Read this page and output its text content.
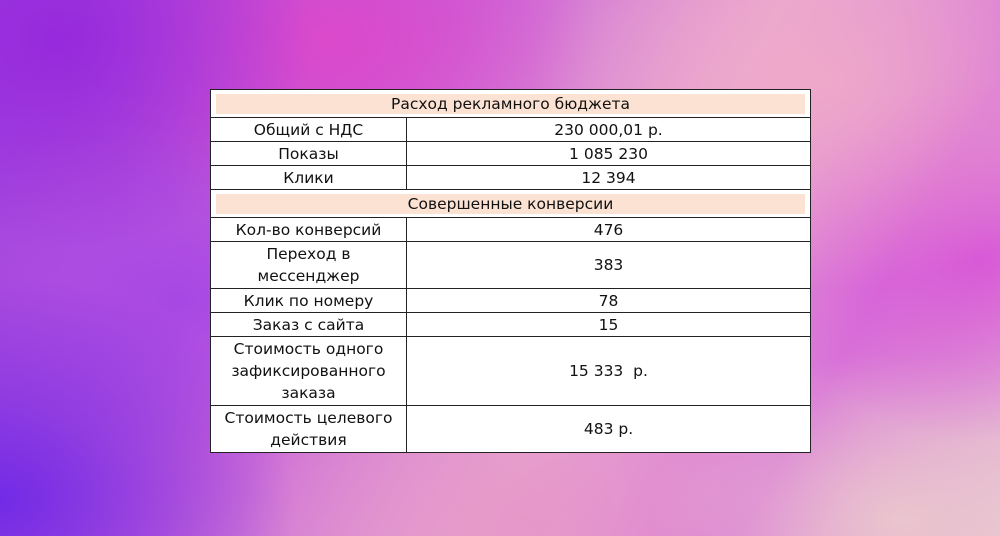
Расход рекламного бюджета	

Общий с НДС	230 000,01 р.
Показы	1 085 230
Клики	12 394

Совершенные конверсии	

Кол-во конверсий	476
Переход в мессенджер	383
Клик по номеру	78
Заказ с сайта	15
Стоимость одного зафиксированного заказа	15 333  р.
Стоимость целевого действия	483 р.
